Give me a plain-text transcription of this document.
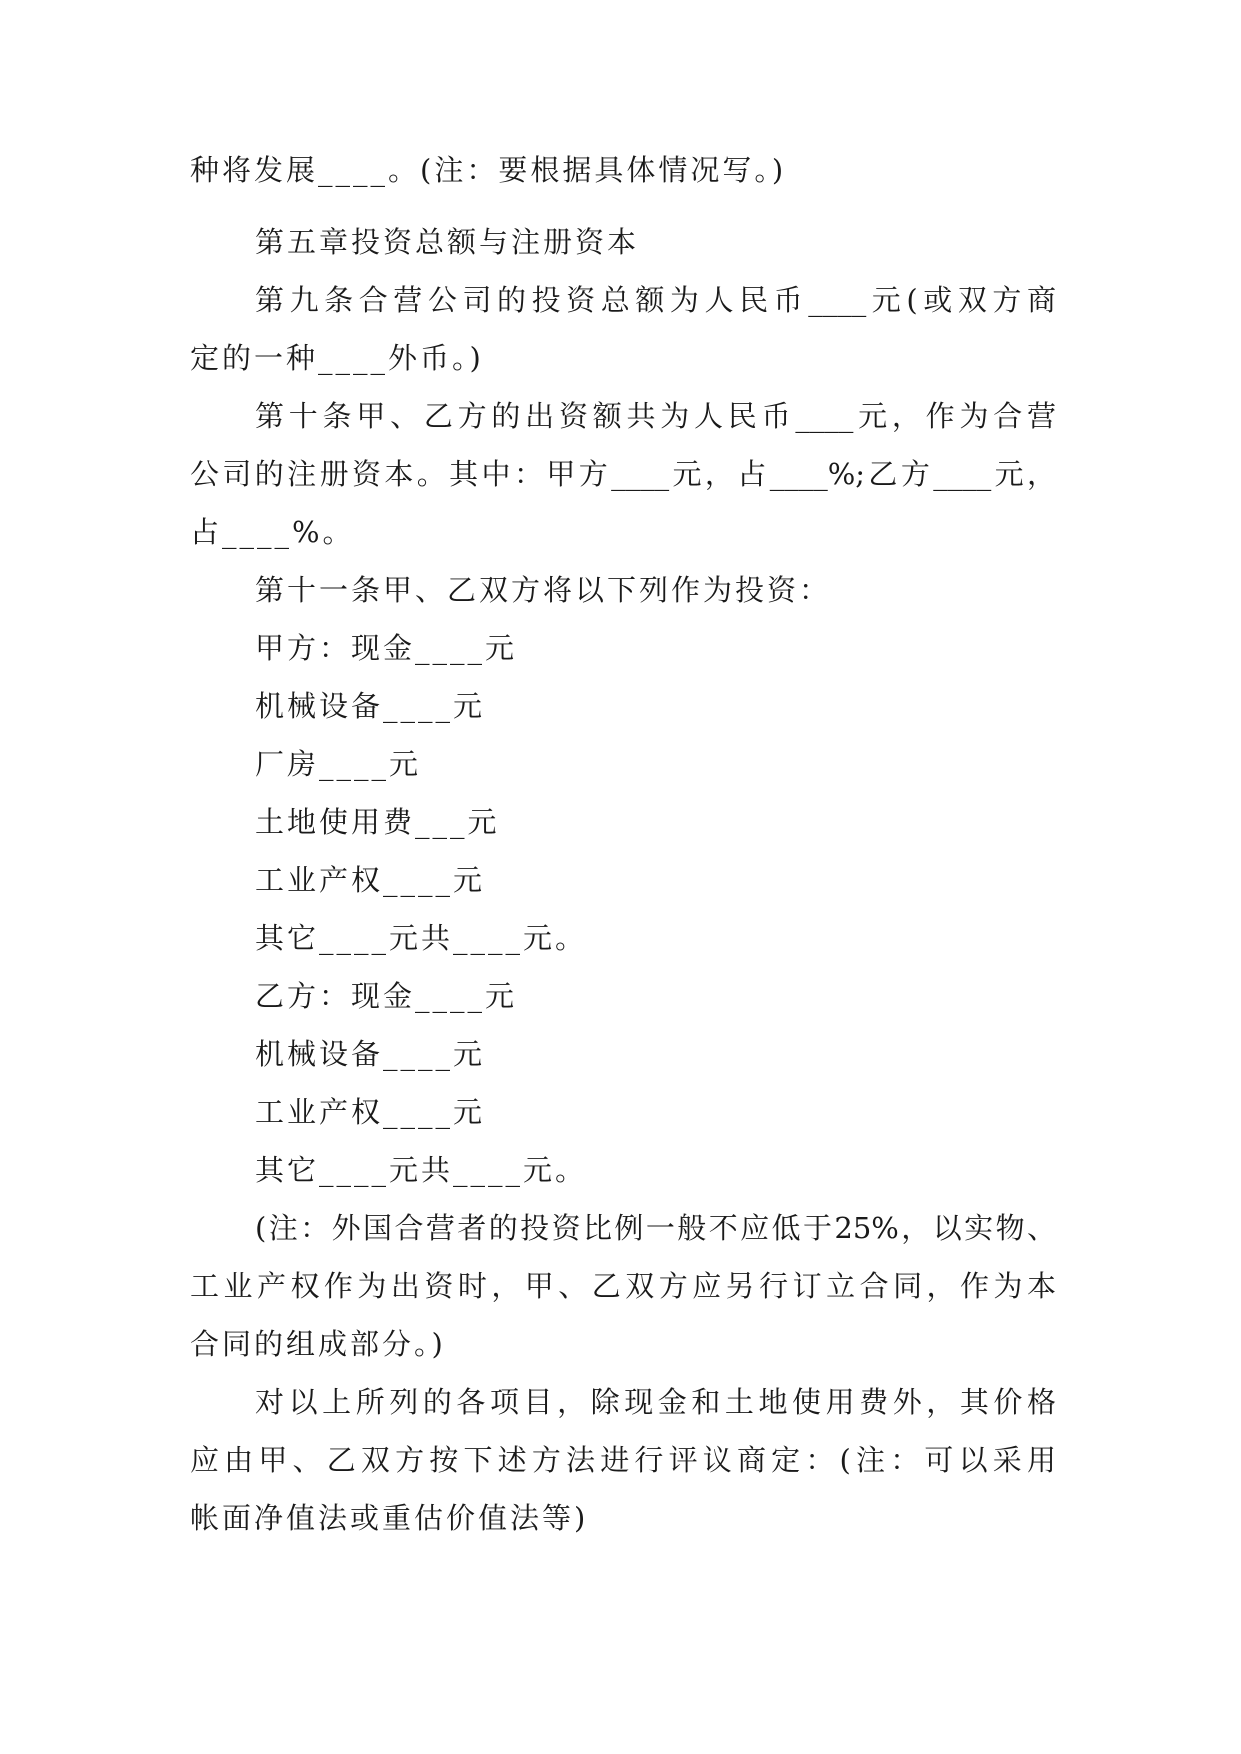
种将发展____。(注：要根据具体情况写。)

第五章投资总额与注册资本

第九条合营公司的投资总额为人民币____元(或双方商

定的一种____外币。)

第十条甲、乙方的出资额共为人民币____元，作为合营

公司的注册资本。其中：甲方____元，占____%;乙方____元，

占____%。

第十一条甲、乙双方将以下列作为投资：

甲方：现金____元

机械设备____元

厂房____元

土地使用费___元

工业产权____元

其它____元共____元。

乙方：现金____元

机械设备____元

工业产权____元

其它____元共____元。

(注：外国合营者的投资比例一般不应低于25%，以实物、

工业产权作为出资时，甲、乙双方应另行订立合同，作为本

合同的组成部分。)

对以上所列的各项目，除现金和土地使用费外，其价格

应由甲、乙双方按下述方法进行评议商定：(注：可以采用

帐面净值法或重估价值法等)
